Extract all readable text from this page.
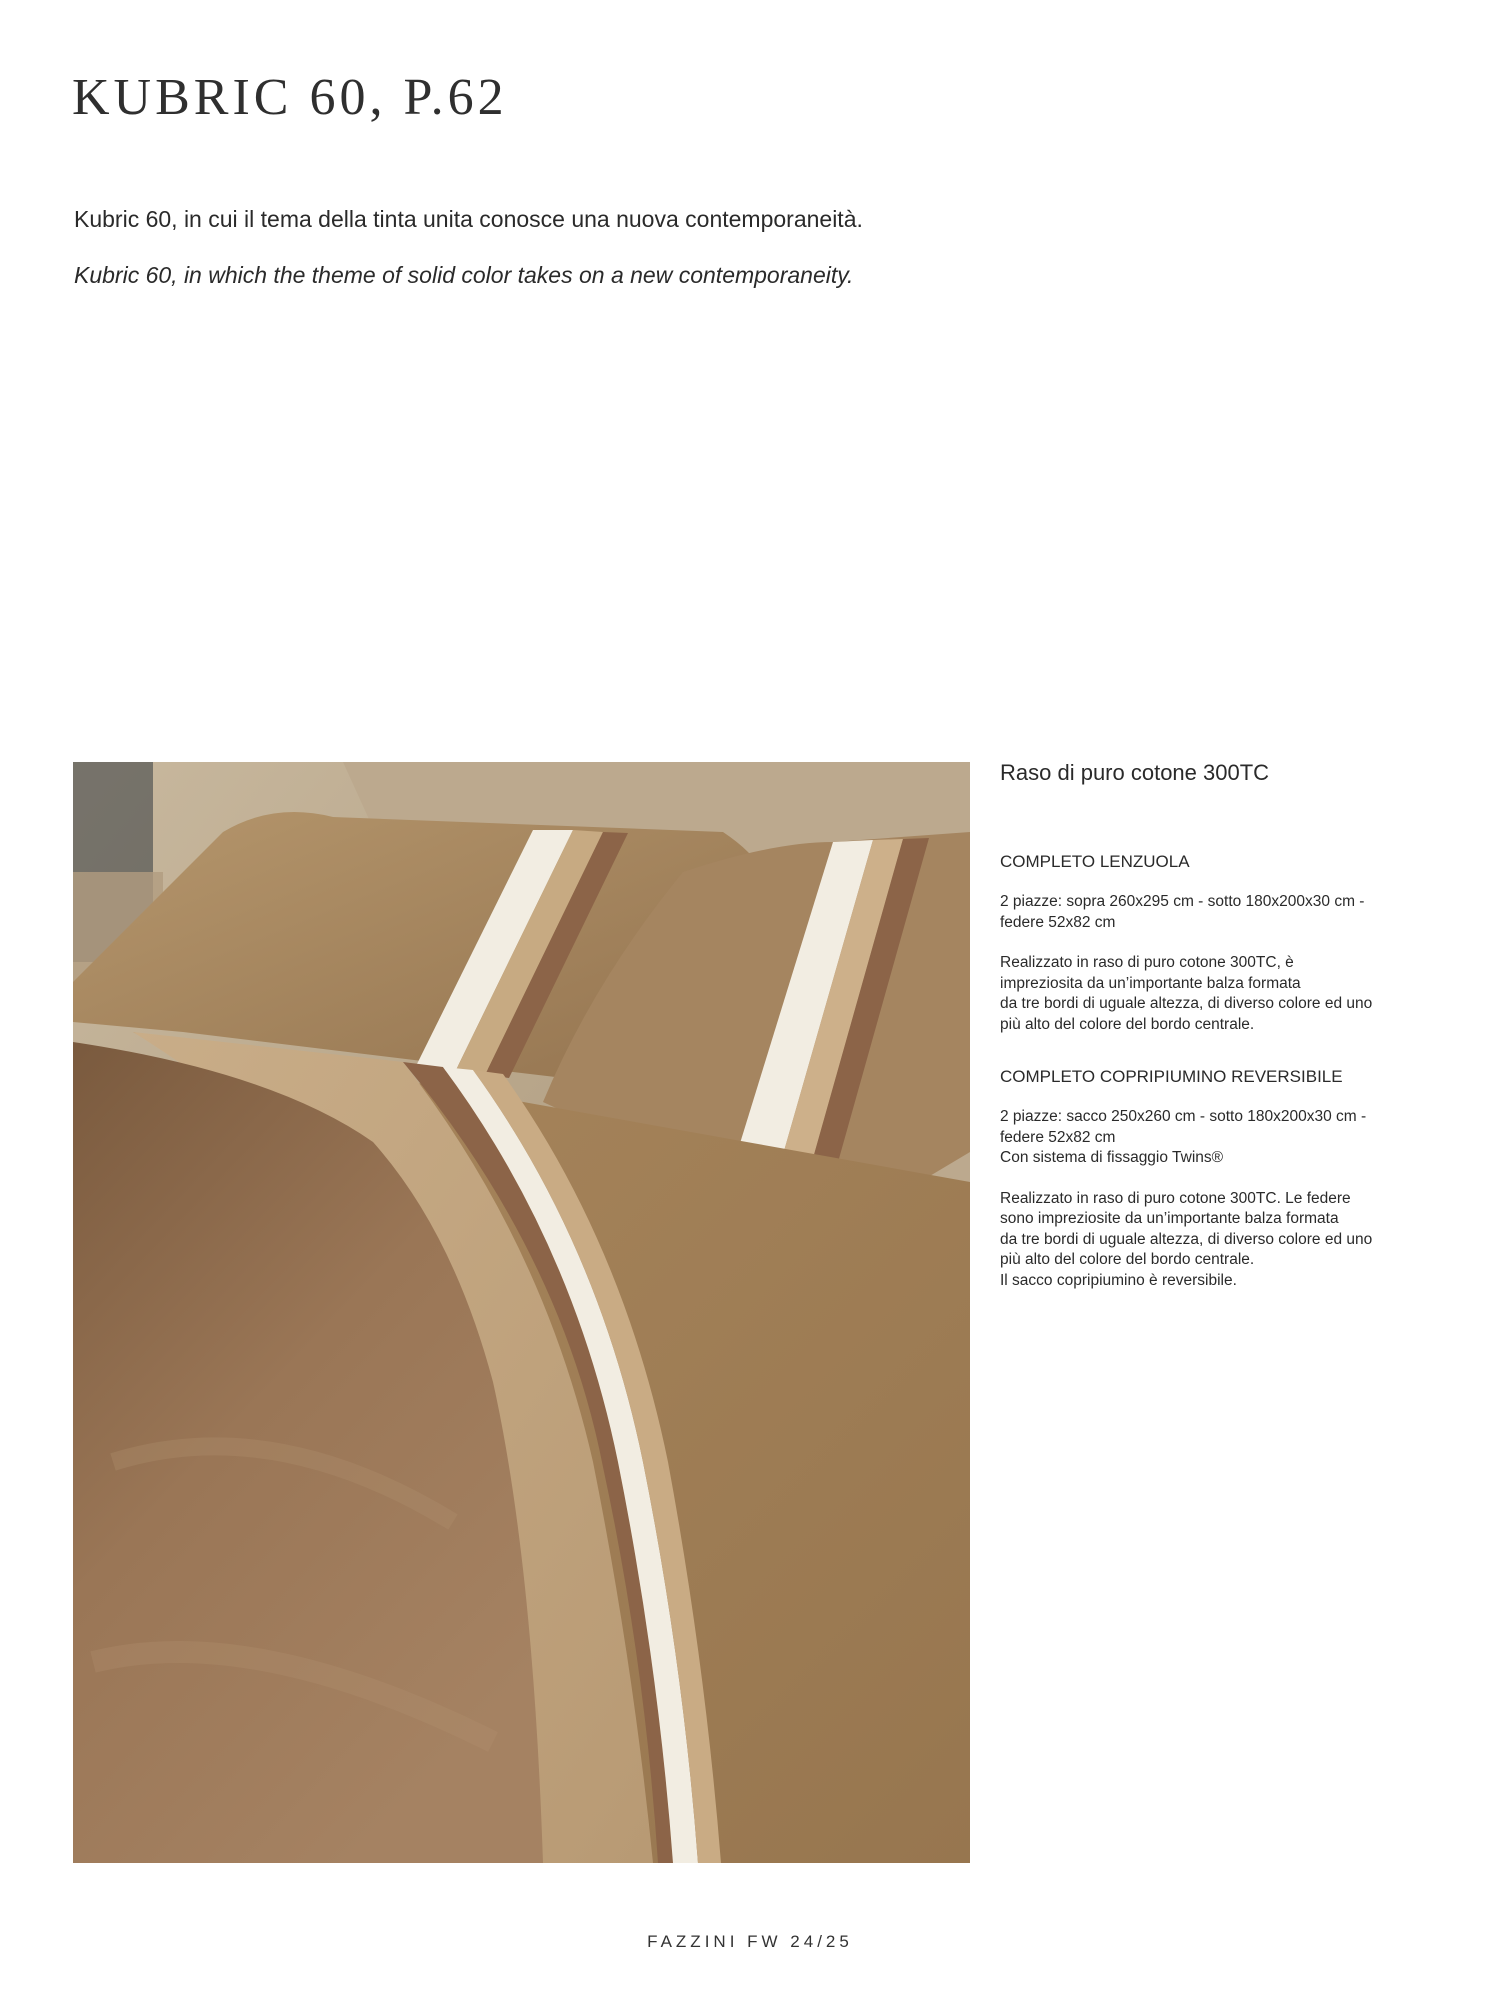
KUBRIC 60, P.62

Kubric 60, in cui il tema della tinta unita conosce una nuova contemporaneità.

Kubric 60, in which the theme of solid color takes on a new contemporaneity.

Raso di puro cotone 300TC

COMPLETO LENZUOLA

2 piazze: sopra 260x295 cm - sotto 180x200x30 cm -
federe 52x82 cm
Realizzato in raso di puro cotone 300TC, è
impreziosita da un’importante balza formata
da tre bordi di uguale altezza, di diverso colore ed uno
più alto del colore del bordo centrale.

COMPLETO COPRIPIUMINO REVERSIBILE

2 piazze: sacco 250x260 cm - sotto 180x200x30 cm -
federe 52x82 cm
Con sistema di fissaggio Twins®
Realizzato in raso di puro cotone 300TC. Le federe
sono impreziosite da un’importante balza formata
da tre bordi di uguale altezza, di diverso colore ed uno
più alto del colore del bordo centrale.
Il sacco copripiumino è reversibile.

FAZZINI FW 24/25
